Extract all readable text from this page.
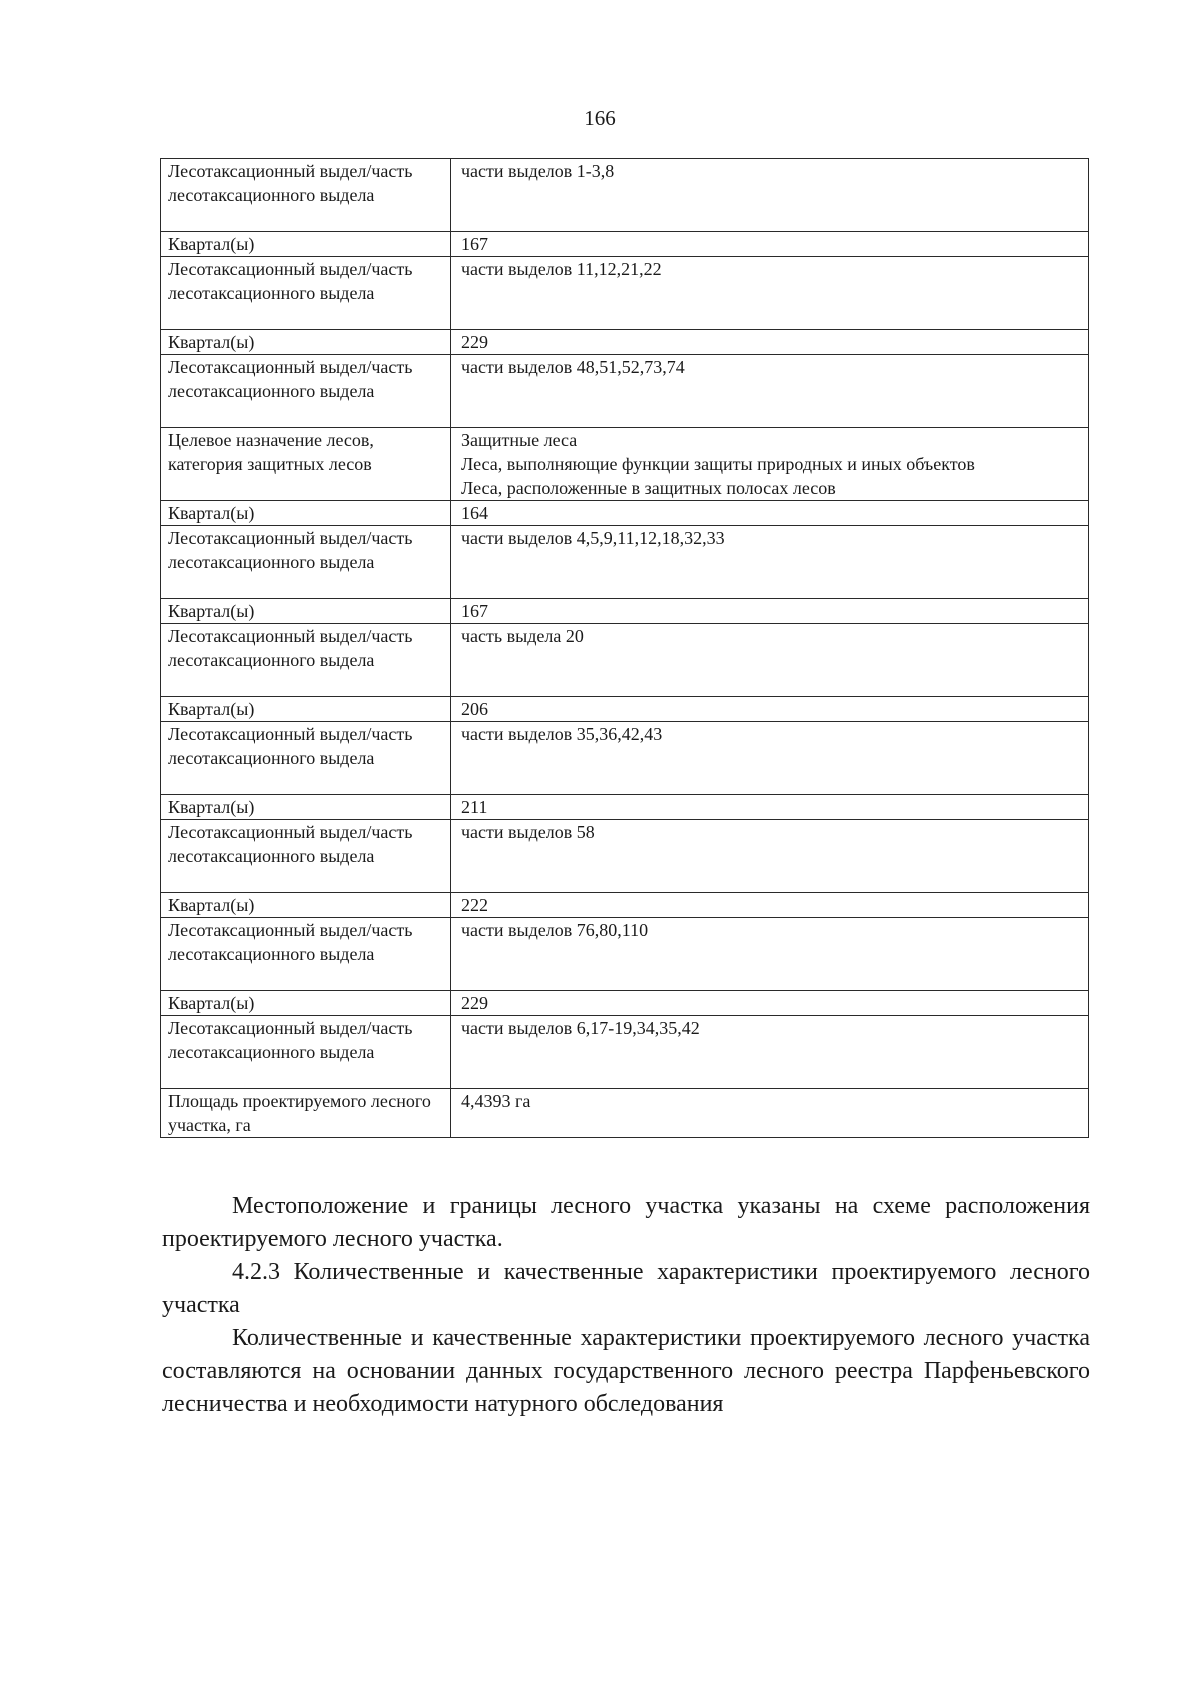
166
Лесотаксационный выдел/часть лесотаксационного выдела	части выделов 1-3,8
Квартал(ы)	167
Лесотаксационный выдел/часть лесотаксационного выдела	части выделов 11,12,21,22
Квартал(ы)	229
Лесотаксационный выдел/часть лесотаксационного выдела	части выделов 48,51,52,73,74
Целевое назначение лесов, категория защитных лесов	Защитные леса
Леса, выполняющие функции защиты природных и иных объектов
Леса, расположенные в защитных полосах лесов

Квартал(ы)	164
Лесотаксационный выдел/часть лесотаксационного выдела	части выделов 4,5,9,11,12,18,32,33
Квартал(ы)	167
Лесотаксационный выдел/часть лесотаксационного выдела	часть выдела 20
Квартал(ы)	206
Лесотаксационный выдел/часть лесотаксационного выдела	части выделов 35,36,42,43
Квартал(ы)	211
Лесотаксационный выдел/часть лесотаксационного выдела	части выделов 58
Квартал(ы)	222
Лесотаксационный выдел/часть лесотаксационного выдела	части выделов 76,80,110
Квартал(ы)	229
Лесотаксационный выдел/часть лесотаксационного выдела	части выделов 6,17-19,34,35,42
Площадь проектируемого лесного участка, га	4,4393 га

Местоположение и границы лесного участка указаны на схеме расположения проектируемого лесного участка.

4.2.3 Количественные и качественные характеристики проектируемого лесного участка

Количественные и качественные характеристики проектируемого лесного участка составляются на основании данных государственного лесного реестра Парфеньевского лесничества и необходимости натурного обследования
